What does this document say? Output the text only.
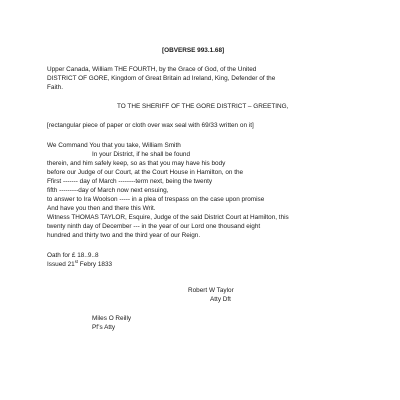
[OBVERSE 993.1.68]
Upper Canada, William THE FOURTH, by the Grace of God, of the United
DISTRICT OF GORE, Kingdom of Great Britain ad Ireland, King, Defender of the
Faith.
TO THE SHERIFF OF THE GORE DISTRICT – GREETING,
[rectangular piece of paper or cloth over wax seal with 69/33 written on it]
We Command You that you take, William Smith
In your District, if he shall be found
therein, and him safely keep, so as that you may have his body
before our Judge of our Court, at the Court House in Hamilton, on the
Ffirst ------- day of March --------term next, being the twenty
fifth ---------day of March now next ensuing,
to answer to Ira Woolson ----- in a plea of trespass on the case upon promise
And have you then and there this Writ.
Witness THOMAS TAYLOR, Esquire, Judge of the said District Court at Hamilton, this
twenty ninth day of December --- in the year of our Lord one thousand eight
hundred and thirty two and the third year of our Reign.
Oath for £ 18..9..8
Issued 21st Febry 1833
Robert W Taylor
Atty Dft
Miles O Reilly
Pf’s Atty
